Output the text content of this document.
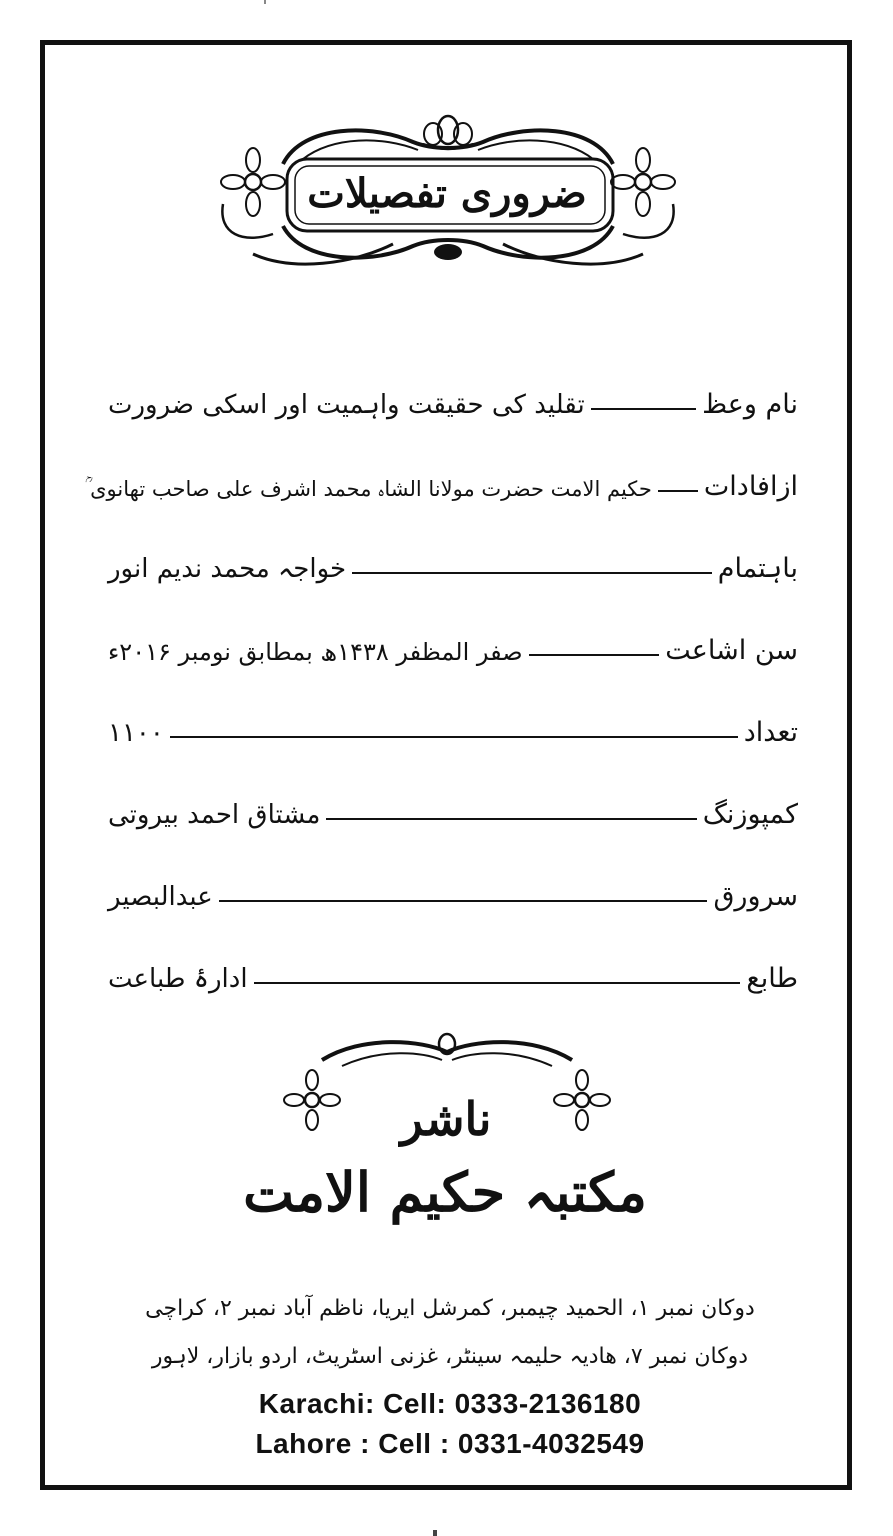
ضروری تفصیلات
نام وعظ
تقلید کی حقیقت واہمیت اور اسکی ضرورت
ازافادات
حکیم الامت حضرت مولانا الشاہ محمد اشرف علی صاحب تھانوی ؒ
باہتمام
خواجہ محمد ندیم انور
سن اشاعت
صفر المظفر ۱۴۳۸ھ بمطابق نومبر ۲۰۱۶ء
تعداد
۱۱۰۰
کمپوزنگ
مشتاق احمد بیروتی
سرورق
عبدالبصیر
طابع
ادارۂ طباعت
ناشر
مکتبہ حکیم الامت
دوکان نمبر ۱، الحمید چیمبر، کمرشل ایریا، ناظم آباد نمبر ۲، کراچی
دوکان نمبر ۷، ھادیہ حلیمہ سینٹر، غزنی اسٹریٹ، اردو بازار، لاہور
Karachi: Cell: 0333-2136180
Lahore : Cell : 0331-4032549
